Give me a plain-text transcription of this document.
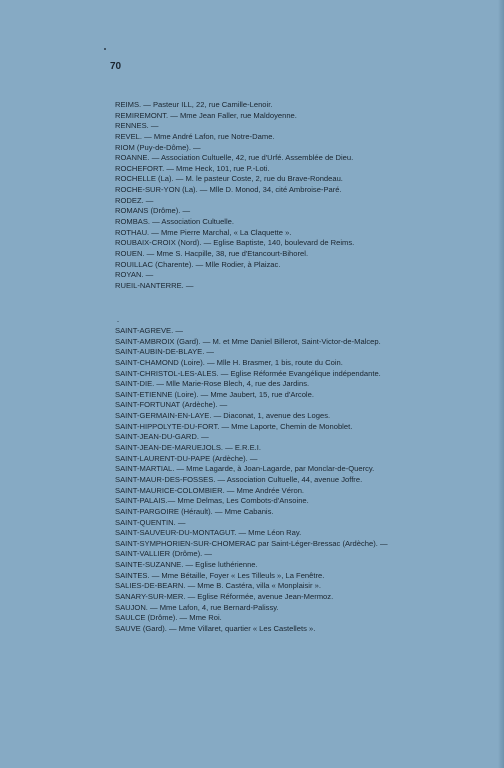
70
REIMS. — Pasteur ILL, 22, rue Camille-Lenoir.
REMIREMONT. — Mme Jean Faller, rue Maldoyenne.
RENNES. —
REVEL. — Mme André Lafon, rue Notre-Dame.
RIOM (Puy-de-Dôme). —
ROANNE. — Association Cultuelle, 42, rue d'Urfé. Assemblée de Dieu.
ROCHEFORT. — Mme Heck, 101, rue P.-Loti.
ROCHELLE (La). — M. le pasteur Coste, 2, rue du Brave-Rondeau.
ROCHE-SUR-YON (La). — Mlle D. Monod, 34, cité Ambroise-Paré.
RODEZ. —
ROMANS (Drôme). —
ROMBAS. — Association Cultuelle.
ROTHAU. — Mme Pierre Marchal, « La Claquette ».
ROUBAIX-CROIX (Nord). — Eglise Baptiste, 140, boulevard de Reims.
ROUEN. — Mme S. Hacpille, 38, rue d'Etancourt-Bihorel.
ROUILLAC (Charente). — Mlle Rodier, à Plaizac.
ROYAN. —
RUEIL-NANTERRE. —
-
SAINT-AGREVE. —
SAINT-AMBROIX (Gard). — M. et Mme Daniel Billerot, Saint-Victor-de-Malcep.
SAINT-AUBIN-DE-BLAYE. —
SAINT-CHAMOND (Loire). — Mlle H. Brasmer, 1 bis, route du Coin.
SAINT-CHRISTOL-LES-ALES. — Eglise Réformée Evangélique indépendante.
SAINT-DIE. — Mlle Marie-Rose Blech, 4, rue des Jardins.
SAINT-ETIENNE (Loire). — Mme Jaubert, 15, rue d'Arcole.
SAINT-FORTUNAT (Ardèche). —
SAINT-GERMAIN-EN-LAYE. — Diaconat, 1, avenue des Loges.
SAINT-HIPPOLYTE-DU-FORT. — Mme Laporte, Chemin de Monoblet.
SAINT-JEAN-DU-GARD. —
SAINT-JEAN-DE-MARUEJOLS. — E.R.E.I.
SAINT-LAURENT-DU-PAPE (Ardèche). —
SAINT-MARTIAL. — Mme Lagarde, à Joan-Lagarde, par Monclar-de-Quercy.
SAINT-MAUR-DES-FOSSES. — Association Cultuelle, 44, avenue Joffre.
SAINT-MAURICE-COLOMBIER. — Mme Andrée Véron.
SAINT-PALAIS.— Mme Delmas, Les Combots-d'Ansoine.
SAINT-PARGOIRE (Hérault). — Mme Cabanis.
SAINT-QUENTIN. —
SAINT-SAUVEUR-DU-MONTAGUT. — Mme Léon Ray.
SAINT-SYMPHORIEN-SUR-CHOMERAC par Saint-Léger-Bressac (Ardèche). —
SAINT-VALLIER (Drôme). —
SAINTE-SUZANNE. — Eglise luthérienne.
SAINTES. — Mme Bétaille, Foyer « Les Tilleuls », La Fenêtre.
SALIES-DE-BEARN. — Mme B. Castéra, villa « Monplaisir ».
SANARY-SUR-MER. — Eglise Réformée, avenue Jean-Mermoz.
SAUJON. — Mme Lafon, 4, rue Bernard-Palissy.
SAULCE (Drôme). — Mme Roi.
SAUVE (Gard). — Mme Villaret, quartier « Les Castellets ».
